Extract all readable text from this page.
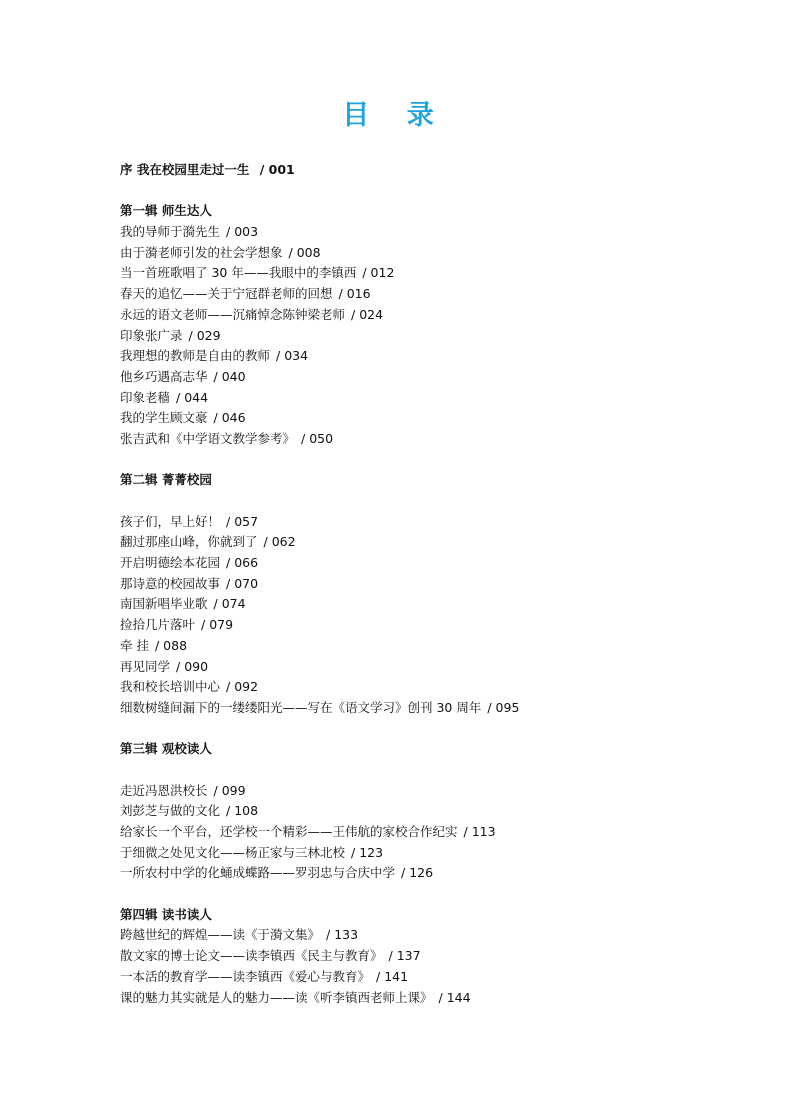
目 录
序 我在校园里走过一生 / 001
第一辑 师生达人
我的导师于漪先生 / 003
由于漪老师引发的社会学想象 / 008
当一首班歌唱了 30 年——我眼中的李镇西 / 012
春天的追忆——关于宁冠群老师的回想 / 016
永远的语文老师——沉痛悼念陈钟梁老师 / 024
印象张广录 / 029
我理想的教师是自由的教师 / 034
他乡巧遇高志华 / 040
印象老穑 / 044
我的学生顾文豪 / 046
张吉武和《中学语文教学参考》 / 050
第二辑 菁菁校园
孩子们，早上好！ / 057
翻过那座山峰，你就到了 / 062
开启明德绘本花园 / 066
那诗意的校园故事 / 070
南国新唱毕业歌 / 074
捡拾几片落叶 / 079
牵 挂 / 088
再见同学 / 090
我和校长培训中心 / 092
细数树缝间漏下的一缕缕阳光——写在《语文学习》创刊 30 周年 / 095
第三辑 观校读人
走近冯恩洪校长 / 099
刘彭芝与做的文化 / 108
给家长一个平台，还学校一个精彩——王伟航的家校合作纪实 / 113
于细微之处见文化——杨正家与三林北校 / 123
一所农村中学的化蛹成蝶路——罗羽忠与合庆中学 / 126
第四辑 读书读人
跨越世纪的辉煌——读《于漪文集》 / 133
散文家的博士论文——读李镇西《民主与教育》 / 137
一本活的教育学——读李镇西《爱心与教育》 / 141
课的魅力其实就是人的魅力——读《听李镇西老师上课》 / 144
